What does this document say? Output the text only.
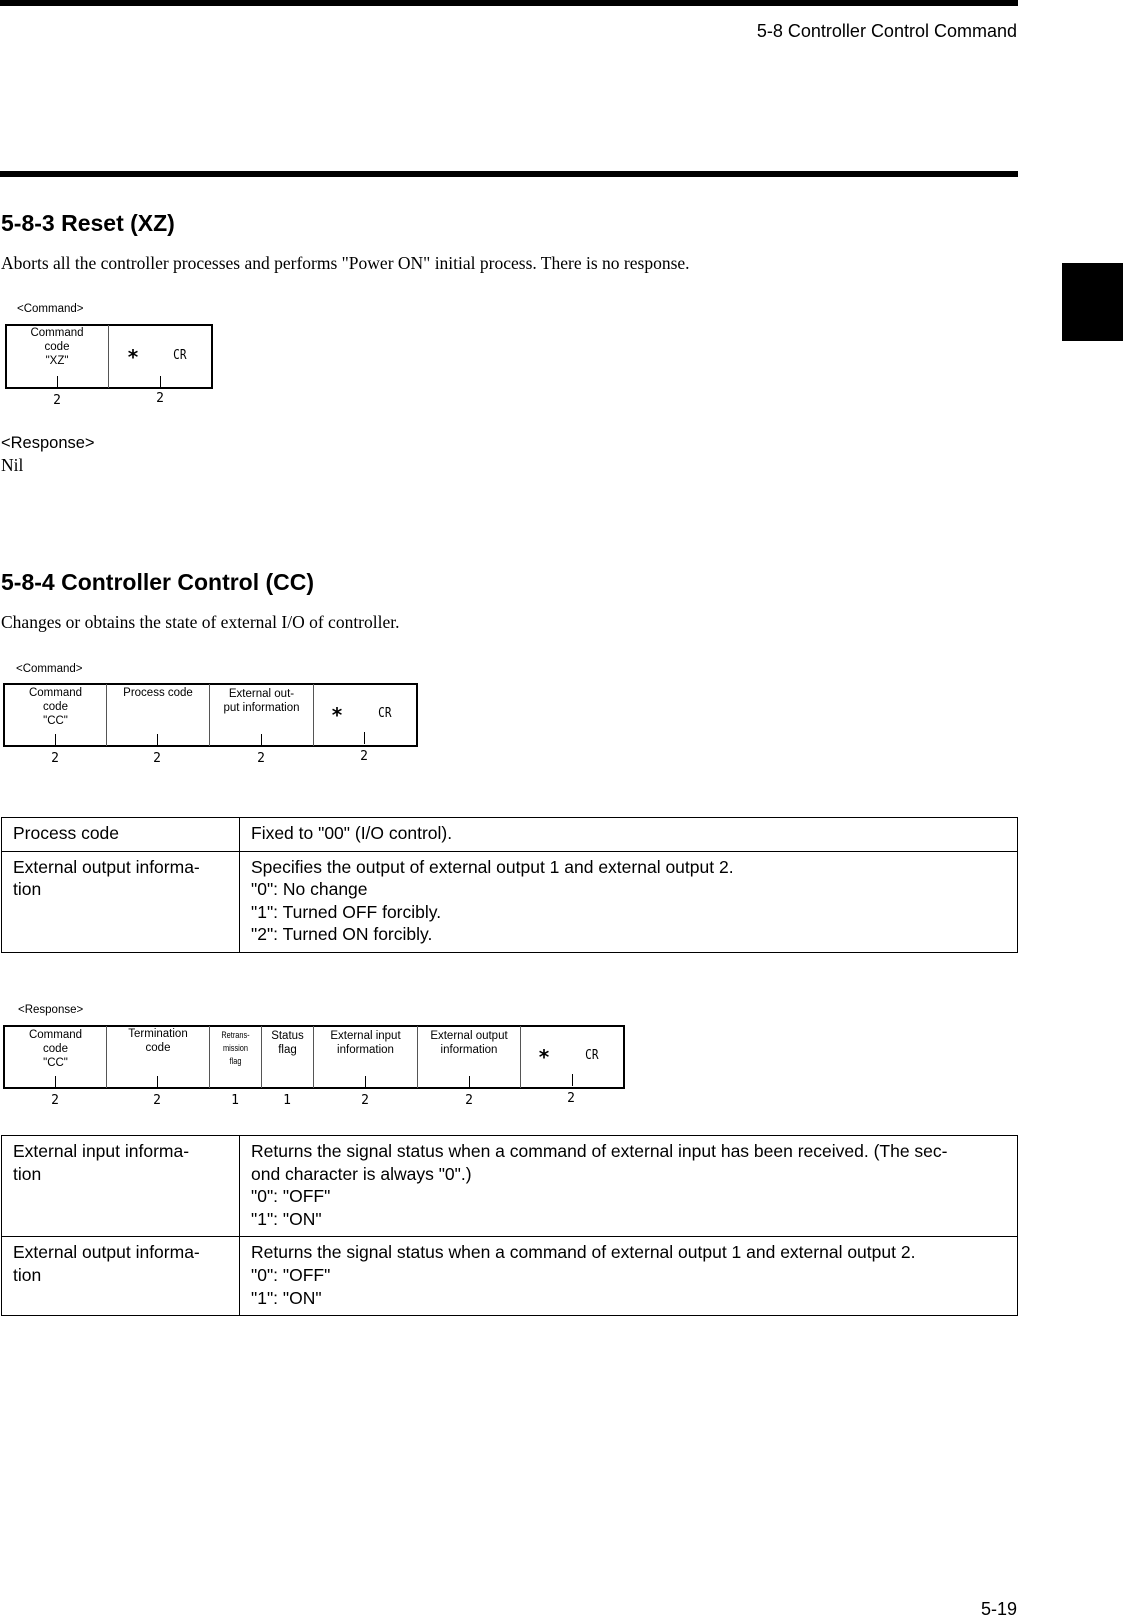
5-8 Controller Control Command
5-8-3 Reset (XZ)
Aborts all the controller processes and performs "Power ON" initial process. There is no response.
<Command>
Command
code
"XZ"	*	CR
2	2
<Response>
Nil
5-8-4 Controller Control (CC)
Changes or obtains the state of external I/O of controller.
<Command>
Command
code
"CC"
Process code	External out-
put information	*	CR
2	2	2	2
Process code	Fixed to "00" (I/O control).

External output informa-
tion	Specifies the output of external output 1 and external output 2.
"0": No change
"1": Turned OFF forcibly.
"2": Turned ON forcibly.
<Response>
Command
code
"CC"
Termination
code
Retrans-
mission
flag
Status
flag
External input
information
External output
information	*	CR
2	2	1	1	2	2	2
External input informa-
tion	Returns the signal status when a command of external input has been received. (The sec-
ond character is always "0".)
"0": "OFF"
"1": "ON"

External output informa-
tion	Returns the signal status when a command of external output 1 and external output 2.
"0": "OFF"
"1": "ON"
5-19
